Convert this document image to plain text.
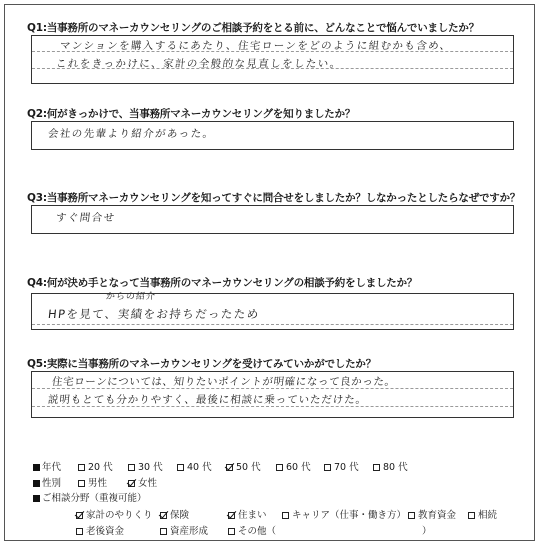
Q1:当事務所のマネーカウンセリングのご相談予約をとる前に、どんなことで悩んでいましたか？
マンションを購入するにあたり、住宅ローンをどのように組むかも含め、
これをきっかけに、家計の全般的な見直しをしたい。
Q2:何がきっかけで、当事務所マネーカウンセリングを知りましたか？
会社の先輩より紹介があった。
Q3:当事務所マネーカウンセリングを知ってすぐに問合せをしましたか？しなかったとしたらなぜですか？
すぐ問合せ
Q4:何が決め手となって当事務所のマネーカウンセリングの相談予約をしましたか？
からの紹介
HPを見て、実績をお持ちだったため
Q5:実際に当事務所のマネーカウンセリングを受けてみていかがでしたか？
住宅ローンについては、知りたいポイントが明確になって良かった。
説明もとても分かりやすく、最後に相談に乗っていただけた。
年代	20 代	30 代	40 代	50 代	60 代	70 代	80 代
性別	男性	女性
ご相談分野（重複可能）
家計のやりくり	保険	住まい	キャリア（仕事・働き方）	教育資金	相続
老後資金	資産形成	その他（	）
